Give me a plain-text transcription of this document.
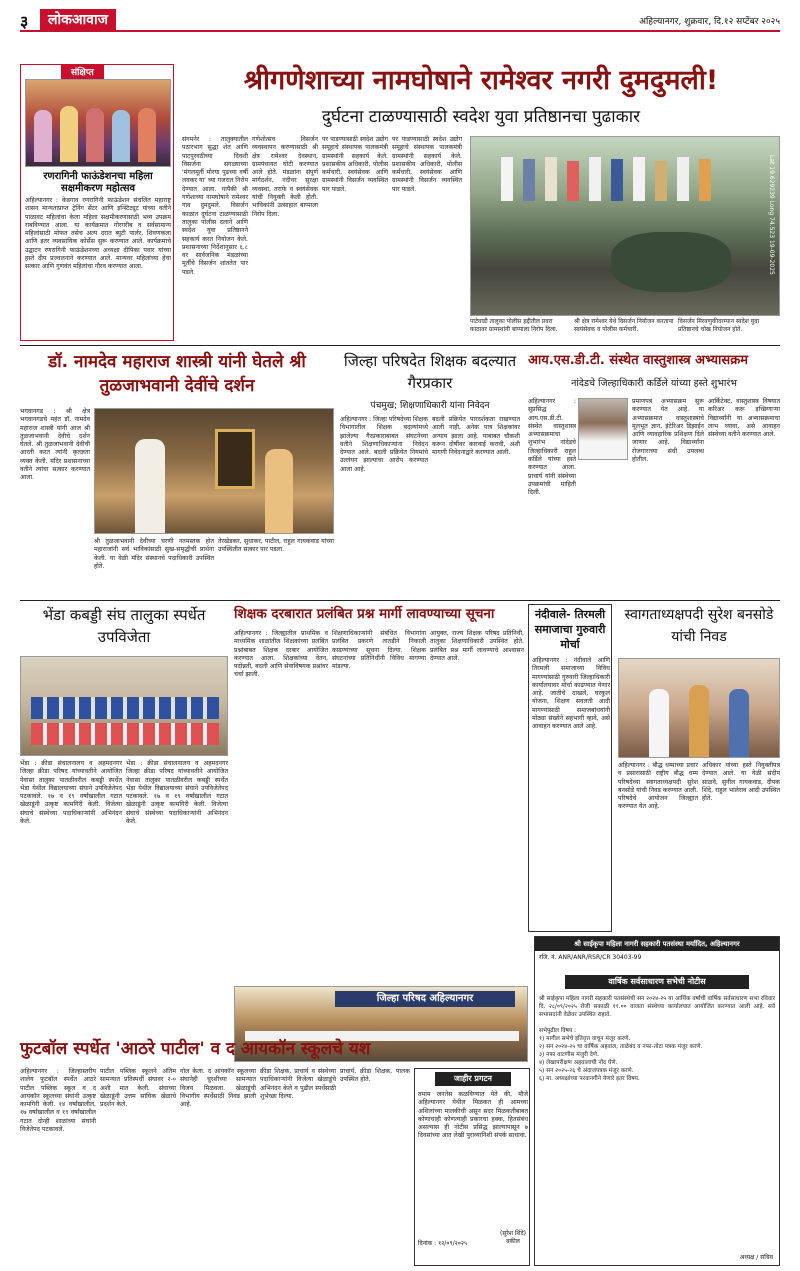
३	लोकआवाज	अहिल्यानगर, शुक्रवार, दि.१२ सप्टेंबर २०२५
संक्षिप्त
रणरागिनी फाऊंडेशनचा महिला सक्षमीकरण महोत्सव
अहिल्यानगर : केडगाव रणरागिनी फाऊंडेशन संचलित महाराष्ट्र शासन मान्यताप्राप्त ट्रेनिंग सेंटर आणि इन्स्टिट्यूट यांच्या वतीने पाळावट महिलांचा केला महिला सक्षमीकरणासाठी भव्य उपक्रम राबविण्यात आला. या कार्यक्रमात गोरगरीब व सर्वसामान्य महिलांसाठी मोफत तसेच अल्प दरात ब्युटी पार्लर, शिवणकला आणि इतर व्यवसायिक कोर्सेस सुरू करण्यात आले. कार्यक्रमाचे उद्घाटन रणरागिनी फाऊंडेशनच्या अध्यक्षा दीपिका पवार यांच्या हस्ते दीप प्रज्वलनाने करण्यात आले. मान्यवर महिलांच्या हेचा सत्कार आणि गुणवंत महिलांचा गौरव करण्यात आला.
श्रीगणेशाच्या नामघोषाने रामेश्वर नगरी दुमदुमली!
दुर्घटना टाळण्यासाठी स्वदेश युवा प्रतिष्ठानचा पुढाकार
संगमनेर : तालुक्यातील पठारभाग सुद्धा शेत आणि पाटपुरवठीच्या दिवशी विसर्जना सगळ्याच्या 'मंगलमूर्ती मोरया पुढच्या वर्षी लवकर या' च्या गजरात निरोप देण्यात आला. यापैकी श्री गणेशाच्या नामघोषाने रामेश्वर गाव दुमदुमले. विसर्जन काळात दुर्घटना टाळण्यासाठी तालुका पोलीस दलाने आणि स्वदेश युवा प्रतिष्ठानने सहकार्य करत नियोजन केले. प्रशासनाच्या निर्देशानुसार ६.८ वर सार्वजनिक मंडळांच्या मूर्तींचे विसर्जन शांततेत पार पडले.
गणेशोत्सव विसर्जन व्यवस्थापन करण्यासाठी श्री क्षेत्र रामेश्वर देवस्थान, ग्रामपंचायत घोटी करण्यात आले होते. मंडळांना संपूर्ण मार्गदर्शन, नदीवर सुरक्षा व्यवस्था, तराफे व स्वयंसेवक यांची नियुक्ती केली होती. भाविकांनी उत्साहात बाप्पाला निरोप दिला.
पर पाडण्यासाठी स्वदेश उद्योग समूहाचे संस्थापक पालकमंत्री ग्रामस्थांनी सहकार्य केले. प्रशासकीय अधिकारी, पोलीस कर्मचारी, स्वयंसेवक आणि ग्रामस्थांनी विसर्जन व्यवस्थित पार पाडले.
पर पाडण्यासाठी स्वदेश उद्योग समूहाचे संस्थापक पालकमंत्री ग्रामस्थांनी सहकार्य केले. प्रशासकीय अधिकारी, पोलीस कर्मचारी, स्वयंसेवक आणि ग्रामस्थांनी विसर्जन व्यवस्थित पार पाडले.	Lat 19.629239 Long 74.523 19-09-2025
पाटेवाडी तालुका पोलीस हद्दीतील प्रवरा काठावर ग्रामस्थांनी बाप्पाला निरोप दिला.
श्री क्षेत्र रामेश्वर येथे विसर्जन नियोजन करताना स्वयंसेवक व पोलीस कर्मचारी.
विसर्जन मिरवणुकीदरम्यान स्वदेश युवा प्रतिष्ठानचे चोख नियोजन होते.
डॉ. नामदेव महाराज शास्त्री यांनी घेतले श्री तुळजाभवानी देवींचे दर्शन
भगवानगड : श्री क्षेत्र भगवानगडचे महंत डॉ. नामदेव महाराज शास्त्री यांनी आज श्री तुळजाभवानी देवीचे दर्शन घेतले. श्री तुळजाभवानी देवीची आरती करत त्यांनी कृतज्ञता व्यक्त केली. मंदिर प्रशासनाच्या वतीने त्यांचा सत्कार करण्यात आला.
श्री तुळजाभवानी देवीच्या चरणी नतमस्तक होत महाराजांनी सर्व भाविकांसाठी सुख-समृद्धीची प्रार्थना केली. या वेळी मंदिर संस्थानचे पदाधिकारी उपस्थित होते.
तेरखेडकर, सुधाकर, पाटील, राहुल गायकवाड यांच्या उपस्थितीत सत्कार पार पडला.
जिल्हा परिषदेत शिक्षक बदल्यात गैरप्रकार
पंचमुख; शिक्षणाधिकारी यांना निवेदन
अहिल्यानगर : जिल्हा परिषदेच्या शिक्षक विभागातील शिक्षक बदल्यांमध्ये झालेल्या गैरप्रकाराबाबत संघटनेच्या वतीने शिक्षणाधिकाऱ्यांना निवेदन देण्यात आले. बदली प्रक्रियेत नियमांचे उल्लंघन झाल्याचा आरोप करण्यात आला आहे.
बदली प्रक्रियेत पारदर्शकता राखण्यात आली नाही, अनेक पात्र शिक्षकांवर अन्याय झाला आहे. याबाबत चौकशी करून दोषींवर कारवाई करावी, अशी मागणी निवेदनाद्वारे करण्यात आली.
आय.एस.डी.टी. संस्थेत वास्तुशास्त्र अभ्यासक्रम
नांदेडचे जिल्हाधिकारी कर्डिले यांच्या हस्ते शुभारंभ
अहिल्यानगर : सुप्रसिद्ध आय.एस.डी.टी. संस्थेत वास्तुशास्त्र अभ्यासक्रमाचा शुभारंभ नांदेडचे जिल्हाधिकारी राहुल कर्डिले यांच्या हस्ते करण्यात आला. प्राचार्य यांनी संस्थेच्या उपक्रमांची माहिती दिली.
प्रमाणपत्र अभ्यासक्रम सुरू करण्यात येत आहे. या अभ्यासक्रमात वास्तुशास्त्राचे मूलभूत ज्ञान, इंटेरिअर डिझाईन आणि व्यावहारिक प्रशिक्षण दिले जाणार आहे. विद्यार्थ्यांना रोजगाराच्या संधी उपलब्ध होतील.
आर्किटेक्ट, वास्तुशास्त्र विषयात करिअर करू इच्छिणाऱ्या विद्यार्थ्यांनी या अभ्यासक्रमाचा लाभ घ्यावा, असे आवाहन संस्थेच्या वतीने करण्यात आले.
भेंडा कबड्डी संघ तालुका स्पर्धेत उपविजेता
भेंडा : क्रीडा संचालनालय व अहमदनगर जिल्हा क्रीडा परिषद यांच्यावतीने आयोजित नेवासा तालुका पातळीवरील कबड्डी स्पर्धेत भेंडा येथील विद्यालयाच्या संघाने उपविजेतेपद पटकावले. १७ व १९ वर्षांखालील गटात खेळाडूंनी उत्कृष्ट कामगिरी केली. विजेत्या संघाचे संस्थेच्या पदाधिकाऱ्यांनी अभिनंदन केले.
भेंडा : क्रीडा संचालनालय व अहमदनगर जिल्हा क्रीडा परिषद यांच्यावतीने आयोजित नेवासा तालुका पातळीवरील कबड्डी स्पर्धेत भेंडा येथील विद्यालयाच्या संघाने उपविजेतेपद पटकावले. १७ व १९ वर्षांखालील गटात खेळाडूंनी उत्कृष्ट कामगिरी केली. विजेत्या संघाचे संस्थेच्या पदाधिकाऱ्यांनी अभिनंदन केले.
शिक्षक दरबारात प्रलंबित प्रश्न मार्गी लावण्याच्या सूचना
अहिल्यानगर : जिल्ह्यातील प्राथमिक व माध्यमिक शाळांतील शिक्षकांच्या प्रलंबित प्रश्नांबाबत शिक्षक दरबार आयोजित करण्यात आला. शिक्षकांच्या वेतन, पदोन्नती, बदली आणि सेवाविषयक प्रश्नांवर चर्चा झाली.
शिक्षणाधिकाऱ्यांनी संबंधित विभागांना प्रलंबित प्रकरणे तातडीने निकाली काढण्याच्या सूचना दिल्या. शिक्षक संघटनांच्या प्रतिनिधींनी विविध मागण्या मांडल्या.
आयुक्त, राज्य शिक्षक परिषद प्रतिनिधी, तालुका शिक्षणाधिकारी उपस्थित होते. प्रलंबित प्रश्न मार्गी लावण्याचे आश्वासन देण्यात आले.
नंदीवाले- तिरमली समाजाचा गुरुवारी मोर्चा
अहिल्यानगर : नंदीवाले आणि तिरमली समाजाच्या विविध मागण्यांसाठी गुरुवारी जिल्हाधिकारी कार्यालयावर मोर्चा काढण्यात येणार आहे. जातीचे दाखले, घरकुल योजना, शिक्षण सवलती आदी मागण्यांसाठी समाजबांधवांनी मोठ्या संख्येने सहभागी व्हावे, असे आवाहन करण्यात आले आहे.
स्वागताध्यक्षपदी सुरेश बनसोडे यांची निवड
अहिल्यानगर : बौद्ध धम्माच्या प्रचार व प्रसारासाठी राष्ट्रीय बौद्ध धम्म परिषदेच्या स्वागताध्यक्षपदी सुरेश बनसोडे यांची निवड करण्यात आली. परिषदेचे आयोजन जिल्ह्यात करण्यात येत आहे.
अधिकार यांच्या हस्ते नियुक्तीपत्र देण्यात आले. या वेळी संदीप साळवे, सुनील गायकवाड, दीपक शिंदे, राहुल भालेराव आदी उपस्थित होते.
जिल्हा परिषद अहिल्यानगर
श्री साईकृपा महिला नागरी सहकारी पतसंस्था मर्यादित, अहिल्यानगर
रजि. नं. ANR/ANR/RSR/CR 30403-99
वार्षिक सर्वसाधारण सभेची नोटीस
श्री साईकृपा महिला नागरी सहकारी पतसंस्थेची सन २०२४-२५ या आर्थिक वर्षाची वार्षिक सर्वसाधारण सभा रविवार दि. २८/०९/२०२५ रोजी सकाळी ११.०० वाजता संस्थेच्या कार्यालयात आयोजित करण्यात आली आहे. सर्व सभासदांनी वेळेवर उपस्थित राहावे.

सभेपुढील विषय :
१) मागील सभेचे इतिवृत्त वाचून मंजूर करणे.
२) सन २०२४-२५ चा वार्षिक अहवाल, ताळेबंद व नफा-तोटा पत्रक मंजूर करणे.
३) नफा वाटणीस मंजुरी देणे.
४) लेखापरीक्षण अहवालाची नोंद घेणे.
५) सन २०२५-२६ चे अंदाजपत्रक मंजूर करणे.
६) मा. अध्यक्षांच्या परवानगीने येणारे इतर विषय.
अध्यक्ष / सचिव
फुटबॉल स्पर्धेत 'आठरे पाटील' व द आयकॉन स्कूलचे यश
अहिल्यानगर : जिल्हास्तरीय शालेय फुटबॉल स्पर्धेत आठरे पाटील पब्लिक स्कूल व द आयकॉन स्कूलच्या संघांनी उत्कृष्ट कामगिरी केली. १४ वर्षांखालील, १७ वर्षांखालील व १९ वर्षांखालील गटात दोन्ही शाळांच्या संघांनी विजेतेपद पटकावले.
पाटील पब्लिक स्कूलने अंतिम सामन्यात प्रतिस्पर्धी संघावर २-० अशी मात केली. संघाच्या खेळाडूंनी उत्तम सांघिक खेळाचे प्रदर्शन केले.
गोल केला. द आयकॉन स्कूलच्या संघानेही चुरशीच्या सामन्यात विजय मिळवला. खेळाडूंची विभागीय स्पर्धेसाठी निवड झाली आहे.
क्रीडा शिक्षक, प्राचार्य व संस्थेच्या पदाधिकाऱ्यांनी विजेत्या खेळाडूंचे अभिनंदन केले व पुढील स्पर्धेसाठी शुभेच्छा दिल्या.
प्राचार्य, क्रीडा शिक्षक, पालक उपस्थित होते.	जाहीर प्रगटन
तमाम जनतेस कळविण्यात येते की, मौजे अहिल्यानगर येथील मिळकत ही आमच्या अशिलांच्या मालकीची असून सदर मिळकतीबाबत कोणाचाही कोणत्याही प्रकारचा हक्क, हितसंबंध असल्यास ही नोटीस प्रसिद्ध झाल्यापासून ७ दिवसांच्या आत लेखी पुराव्यानिशी संपर्क साधावा.
दिनांक : १२/०९/२०२५
(सुरेश शिंदे)
वकील
